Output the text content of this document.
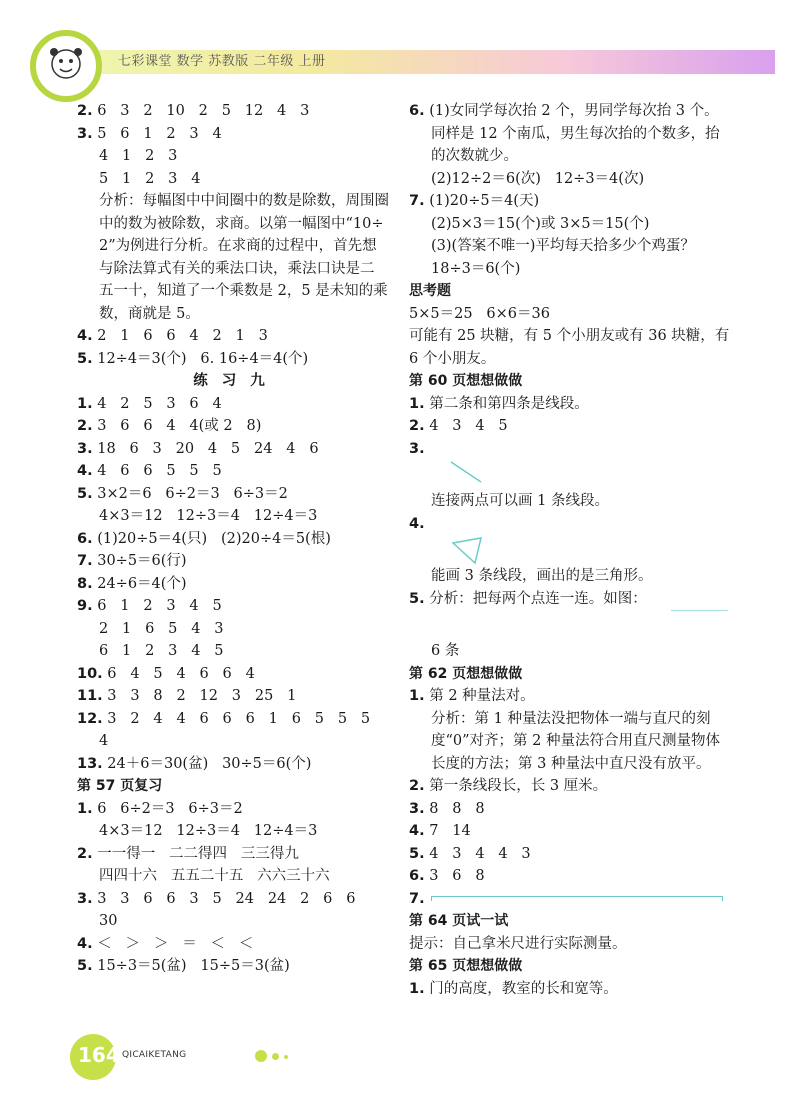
七彩课堂 数学 苏教版 二年级 上册
2. 6   3   2   10   2   5   12   4   3
3. 5   6   1   2   3   4
4   1   2   3
5   1   2   3   4
分析：每幅图中中间圈中的数是除数，周围圈
中的数为被除数，求商。以第一幅图中“10÷
2”为例进行分析。在求商的过程中，首先想
与除法算式有关的乘法口诀，乘法口诀是二
五一十，知道了一个乘数是 2，5 是未知的乘
数，商就是 5。
4. 2   1   6   6   4   2   1   3
5. 12÷4＝3(个)   6. 16÷4＝4(个)
练习九
1. 4   2   5   3   6   4
2. 3   6   6   4   4(或 2   8)
3. 18   6   3   20   4   5   24   4   6
4. 4   6   6   5   5   5
5. 3×2＝6   6÷2＝3   6÷3＝2
4×3＝12   12÷3＝4   12÷4＝3
6. (1)20÷5＝4(只)   (2)20÷4＝5(根)
7. 30÷5＝6(行)
8. 24÷6＝4(个)
9. 6   1   2   3   4   5
2   1   6   5   4   3
6   1   2   3   4   5
10. 6   4   5   4   6   6   4
11. 3   3   8   2   12   3   25   1
12. 3   2   4   4   6   6   6   1   6   5   5   5
4
13. 24＋6＝30(盆)   30÷5＝6(个)
第 57 页复习
1. 6   6÷2＝3   6÷3＝2
4×3＝12   12÷3＝4   12÷4＝3
2. 一一得一   二二得四   三三得九
四四十六   五五二十五   六六三十六
3. 3   3   6   6   3   5   24   24   2   6   6
30
4. ＜   ＞   ＞   ＝   ＜   ＜
5. 15÷3＝5(盆)   15÷5＝3(盆)
6. (1)女同学每次抬 2 个，男同学每次抬 3 个。
同样是 12 个南瓜，男生每次抬的个数多，抬
的次数就少。
(2)12÷2＝6(次)   12÷3＝4(次)
7. (1)20÷5＝4(天)
(2)5×3＝15(个)或 3×5＝15(个)
(3)(答案不唯一)平均每天拾多少个鸡蛋？
18÷3＝6(个)
思考题
5×5＝25   6×6＝36
可能有 25 块糖，有 5 个小朋友或有 36 块糖，有
6 个小朋友。
第 60 页想想做做
1. 第二条和第四条是线段。
2. 4   3   4   5
3.
连接两点可以画 1 条线段。
4.
能画 3 条线段，画出的是三角形。
5. 分析：把每两个点连一连。如图：
6 条
第 62 页想想做做
1. 第 2 种量法对。
分析：第 1 种量法没把物体一端与直尺的刻
度“0”对齐；第 2 种量法符合用直尺测量物体
长度的方法；第 3 种量法中直尺没有放平。
2. 第一条线段长，长 3 厘米。
3. 8   8   8
4. 7   14
5. 4   3   4   4   3
6. 3   6   8
7.
第 64 页试一试
提示：自己拿米尺进行实际测量。
第 65 页想想做做
1. 门的高度，教室的长和宽等。
164 QICAIKETANG
